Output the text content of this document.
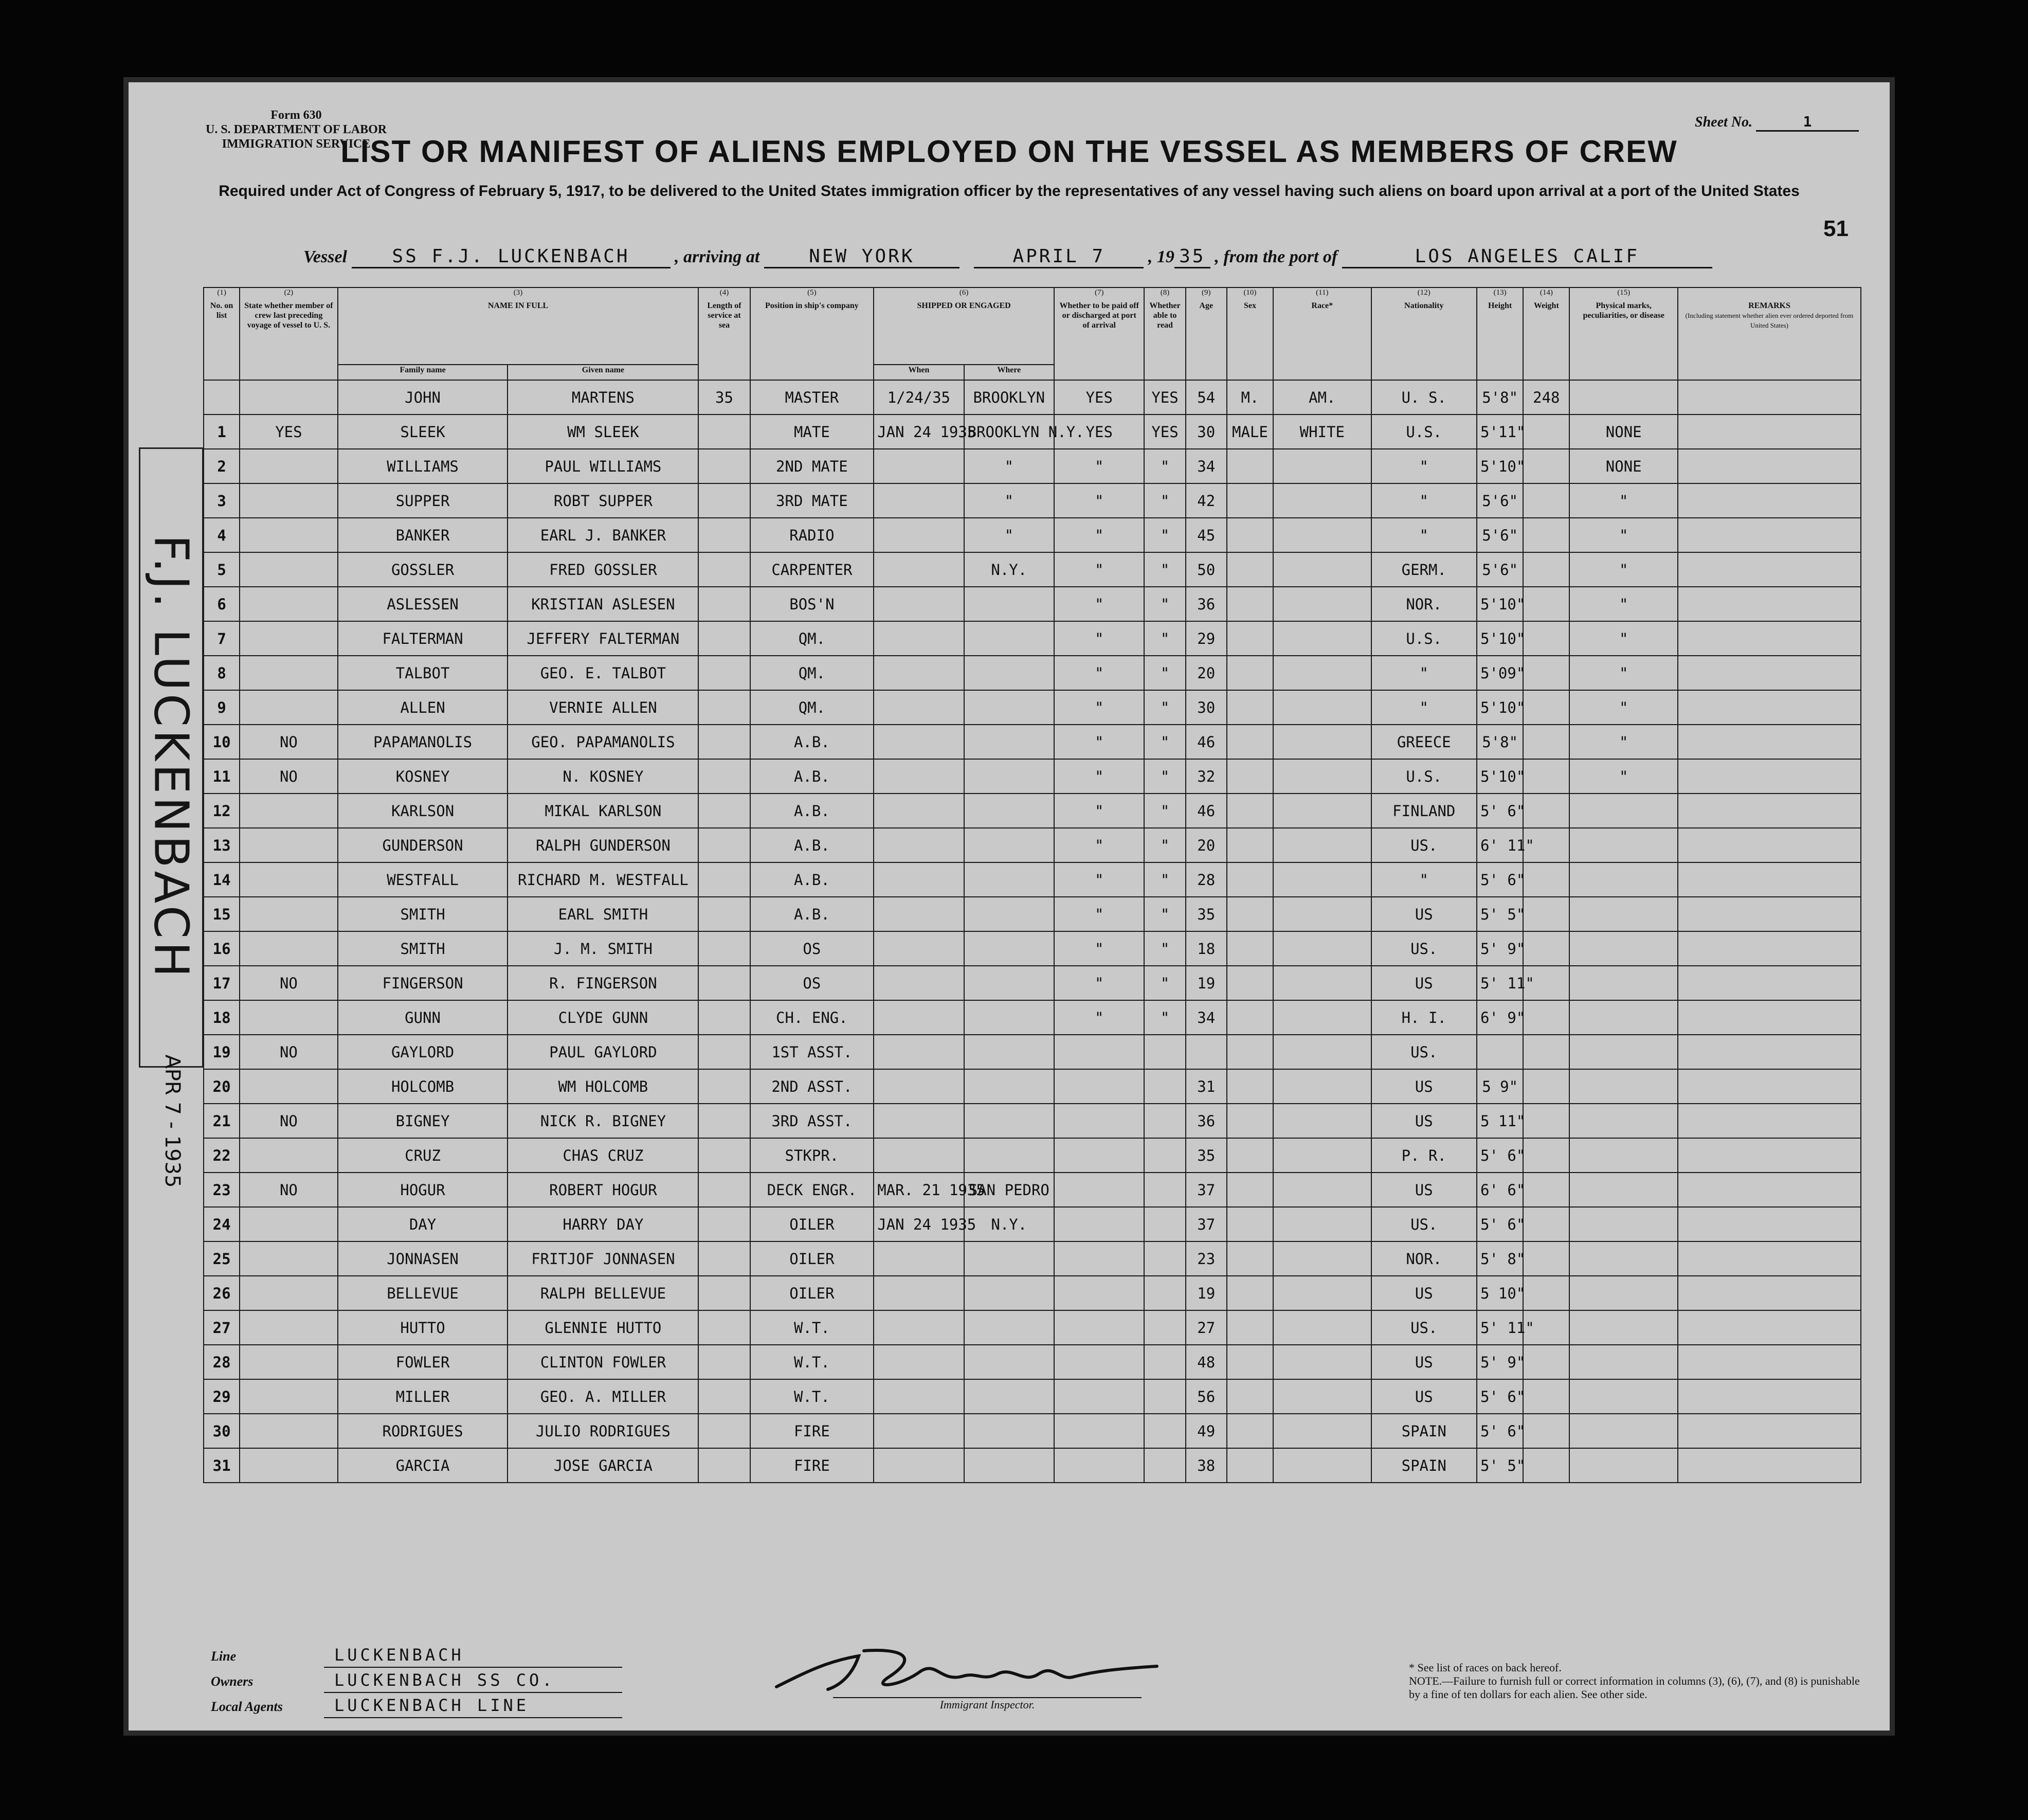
Form 630
U. S. DEPARTMENT OF LABOR
IMMIGRATION SERVICE
Sheet No.	1
LIST OR MANIFEST OF ALIENS EMPLOYED ON THE VESSEL AS MEMBERS OF CREW
Required under Act of Congress of February 5, 1917, to be delivered to the United States immigration officer by the representatives of any vessel having such aliens on board upon arrival at a port of the United States
51
Vessel SS F.J. LUCKENBACH	, arriving at	NEW YORK	APRIL 7 , 19 35 , from the port of	LOS ANGELES CALIF
F.J. LUCKENBACH
APR 7 - 1935
(1)
No. on list	(2)
State whether member of crew last preceding voyage of vessel to U. S.	(3)
NAME IN FULL		(4)
Length of service at sea	(5)
Position in ship's company	(6)
SHIPPED OR ENGAGED		(7)
Whether to be paid off or discharged at port of arrival	(8)
Whether able to read	(9)
Age	(10)
Sex	(11)
Race*	(12)
Nationality	(13)
Height	(14)
Weight	(15)
Physical marks, peculiarities, or disease	REMARKS
(Including statement whether alien ever ordered deported from United States)
		Family name	Given name			When	Where										
		JOHN	MARTENS	35	MASTER	1/24/35	BROOKLYN	YES	YES	54	M.	AM.	U. S.	5'8"	248		
1	YES	SLEEK	WM SLEEK		MATE	JAN 24 1935	BROOKLYN N.Y.	YES	YES	30	MALE	WHITE	U.S.	5'11"		NONE	
2		WILLIAMS	PAUL WILLIAMS		2ND MATE		"	"	"	34			"	5'10"		NONE	
3		SUPPER	ROBT SUPPER		3RD MATE		"	"	"	42			"	5'6"		"	
4		BANKER	EARL J. BANKER		RADIO		"	"	"	45			"	5'6"		"	
5		GOSSLER	FRED GOSSLER		CARPENTER		N.Y.	"	"	50			GERM.	5'6"		"	
6		ASLESSEN	KRISTIAN ASLESEN		BOS'N			"	"	36			NOR.	5'10"		"	
7		FALTERMAN	JEFFERY FALTERMAN		QM.			"	"	29			U.S.	5'10"		"	
8		TALBOT	GEO. E. TALBOT		QM.			"	"	20			"	5'09"		"	
9		ALLEN	VERNIE ALLEN		QM.			"	"	30			"	5'10"		"	
10	NO	PAPAMANOLIS	GEO. PAPAMANOLIS		A.B.			"	"	46			GREECE	5'8"		"	
11	NO	KOSNEY	N. KOSNEY		A.B.			"	"	32			U.S.	5'10"		"	
12		KARLSON	MIKAL KARLSON		A.B.			"	"	46			FINLAND	5' 6"			
13		GUNDERSON	RALPH GUNDERSON		A.B.			"	"	20			US.	6' 11"			
14		WESTFALL	RICHARD M. WESTFALL		A.B.			"	"	28			"	5' 6"			
15		SMITH	EARL SMITH		A.B.			"	"	35			US	5' 5"			
16		SMITH	J. M. SMITH		OS			"	"	18			US.	5' 9"			
17	NO	FINGERSON	R. FINGERSON		OS			"	"	19			US	5' 11"			
18		GUNN	CLYDE GUNN		CH. ENG.			"	"	34			H. I.	6' 9"			
19	NO	GAYLORD	PAUL GAYLORD		1ST ASST.								US.				
20		HOLCOMB	WM HOLCOMB		2ND ASST.					31			US	5 9"			
21	NO	BIGNEY	NICK R. BIGNEY		3RD ASST.					36			US	5 11"			
22		CRUZ	CHAS CRUZ		STKPR.					35			P. R.	5' 6"			
23	NO	HOGUR	ROBERT HOGUR		DECK ENGR.	MAR. 21 1935	SAN PEDRO			37			US	6' 6"			
24		DAY	HARRY DAY		OILER	JAN 24 1935	N.Y.			37			US.	5' 6"			
25		JONNASEN	FRITJOF JONNASEN		OILER					23			NOR.	5' 8"			
26		BELLEVUE	RALPH BELLEVUE		OILER					19			US	5 10"			
27		HUTTO	GLENNIE HUTTO		W.T.					27			US.	5' 11"			
28		FOWLER	CLINTON FOWLER		W.T.					48			US	5' 9"			
29		MILLER	GEO. A. MILLER		W.T.					56			US	5' 6"			
30		RODRIGUES	JULIO RODRIGUES		FIRE					49			SPAIN	5' 6"			
31		GARCIA	JOSE GARCIA		FIRE					38			SPAIN	5' 5"			
Line	LUCKENBACH
Owners	LUCKENBACH SS CO.
Local Agents	LUCKENBACH LINE	Immigrant Inspector.
* See list of races on back hereof.
NOTE.—Failure to furnish full or correct information in columns (3), (6), (7), and (8) is punishable by a fine of ten dollars for each alien. See other side.
